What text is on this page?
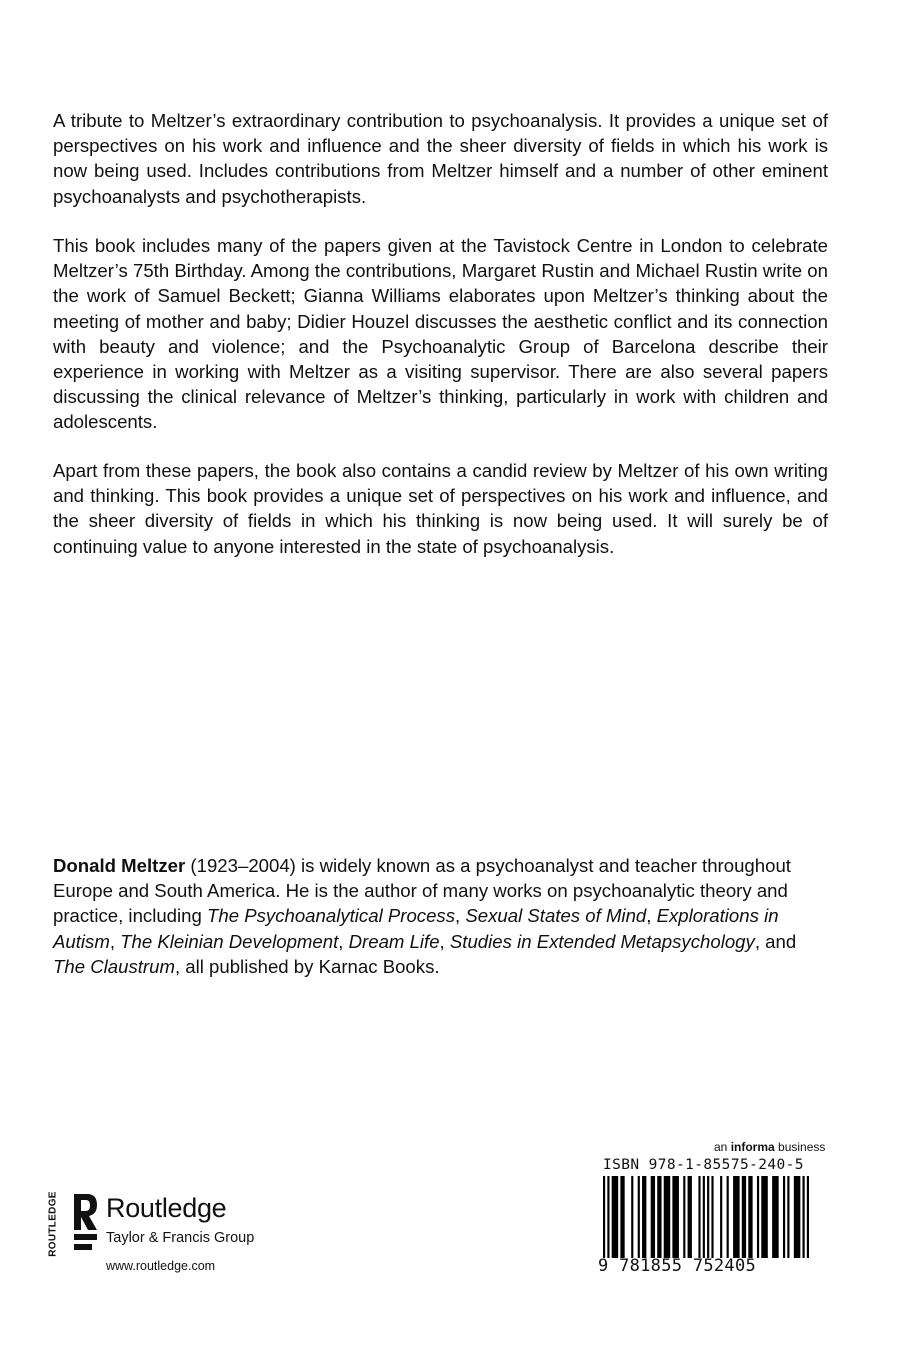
A tribute to Meltzer’s extraordinary contribution to psychoanalysis. It provides a unique set of perspectives on his work and influence and the sheer diversity of fields in which his work is now being used. Includes contributions from Meltzer himself and a number of other eminent psychoanalysts and psychotherapists.

This book includes many of the papers given at the Tavistock Centre in London to celebrate Meltzer’s 75th Birthday. Among the contributions, Margaret Rustin and Michael Rustin write on the work of Samuel Beckett; Gianna Williams elaborates upon Meltzer’s thinking about the meeting of mother and baby; Didier Houzel discusses the aesthetic conflict and its connection with beauty and violence; and the Psychoanalytic Group of Barcelona describe their experience in working with Meltzer as a visiting supervisor. There are also several papers discussing the clinical relevance of Meltzer’s thinking, particularly in work with children and adolescents.

Apart from these papers, the book also contains a candid review by Meltzer of his own writing and thinking. This book provides a unique set of perspectives on his work and influence, and the sheer diversity of fields in which his thinking is now being used. It will surely be of continuing value to anyone interested in the state of psychoanalysis.

Donald Meltzer (1923–2004) is widely known as a psychoanalyst and teacher throughout Europe and South America. He is the author of many works on psychoanalytic theory and practice, including The Psychoanalytical Process, Sexual States of Mind, Explorations in Autism, The Kleinian Development, Dream Life, Studies in Extended Metapsychology, and The Claustrum, all published by Karnac Books.

ROUTLEDGE Routledge
Taylor & Francis Group
www.routledge.com
an informa business
ISBN 978-1-85575-240-5
9 781855 752405
